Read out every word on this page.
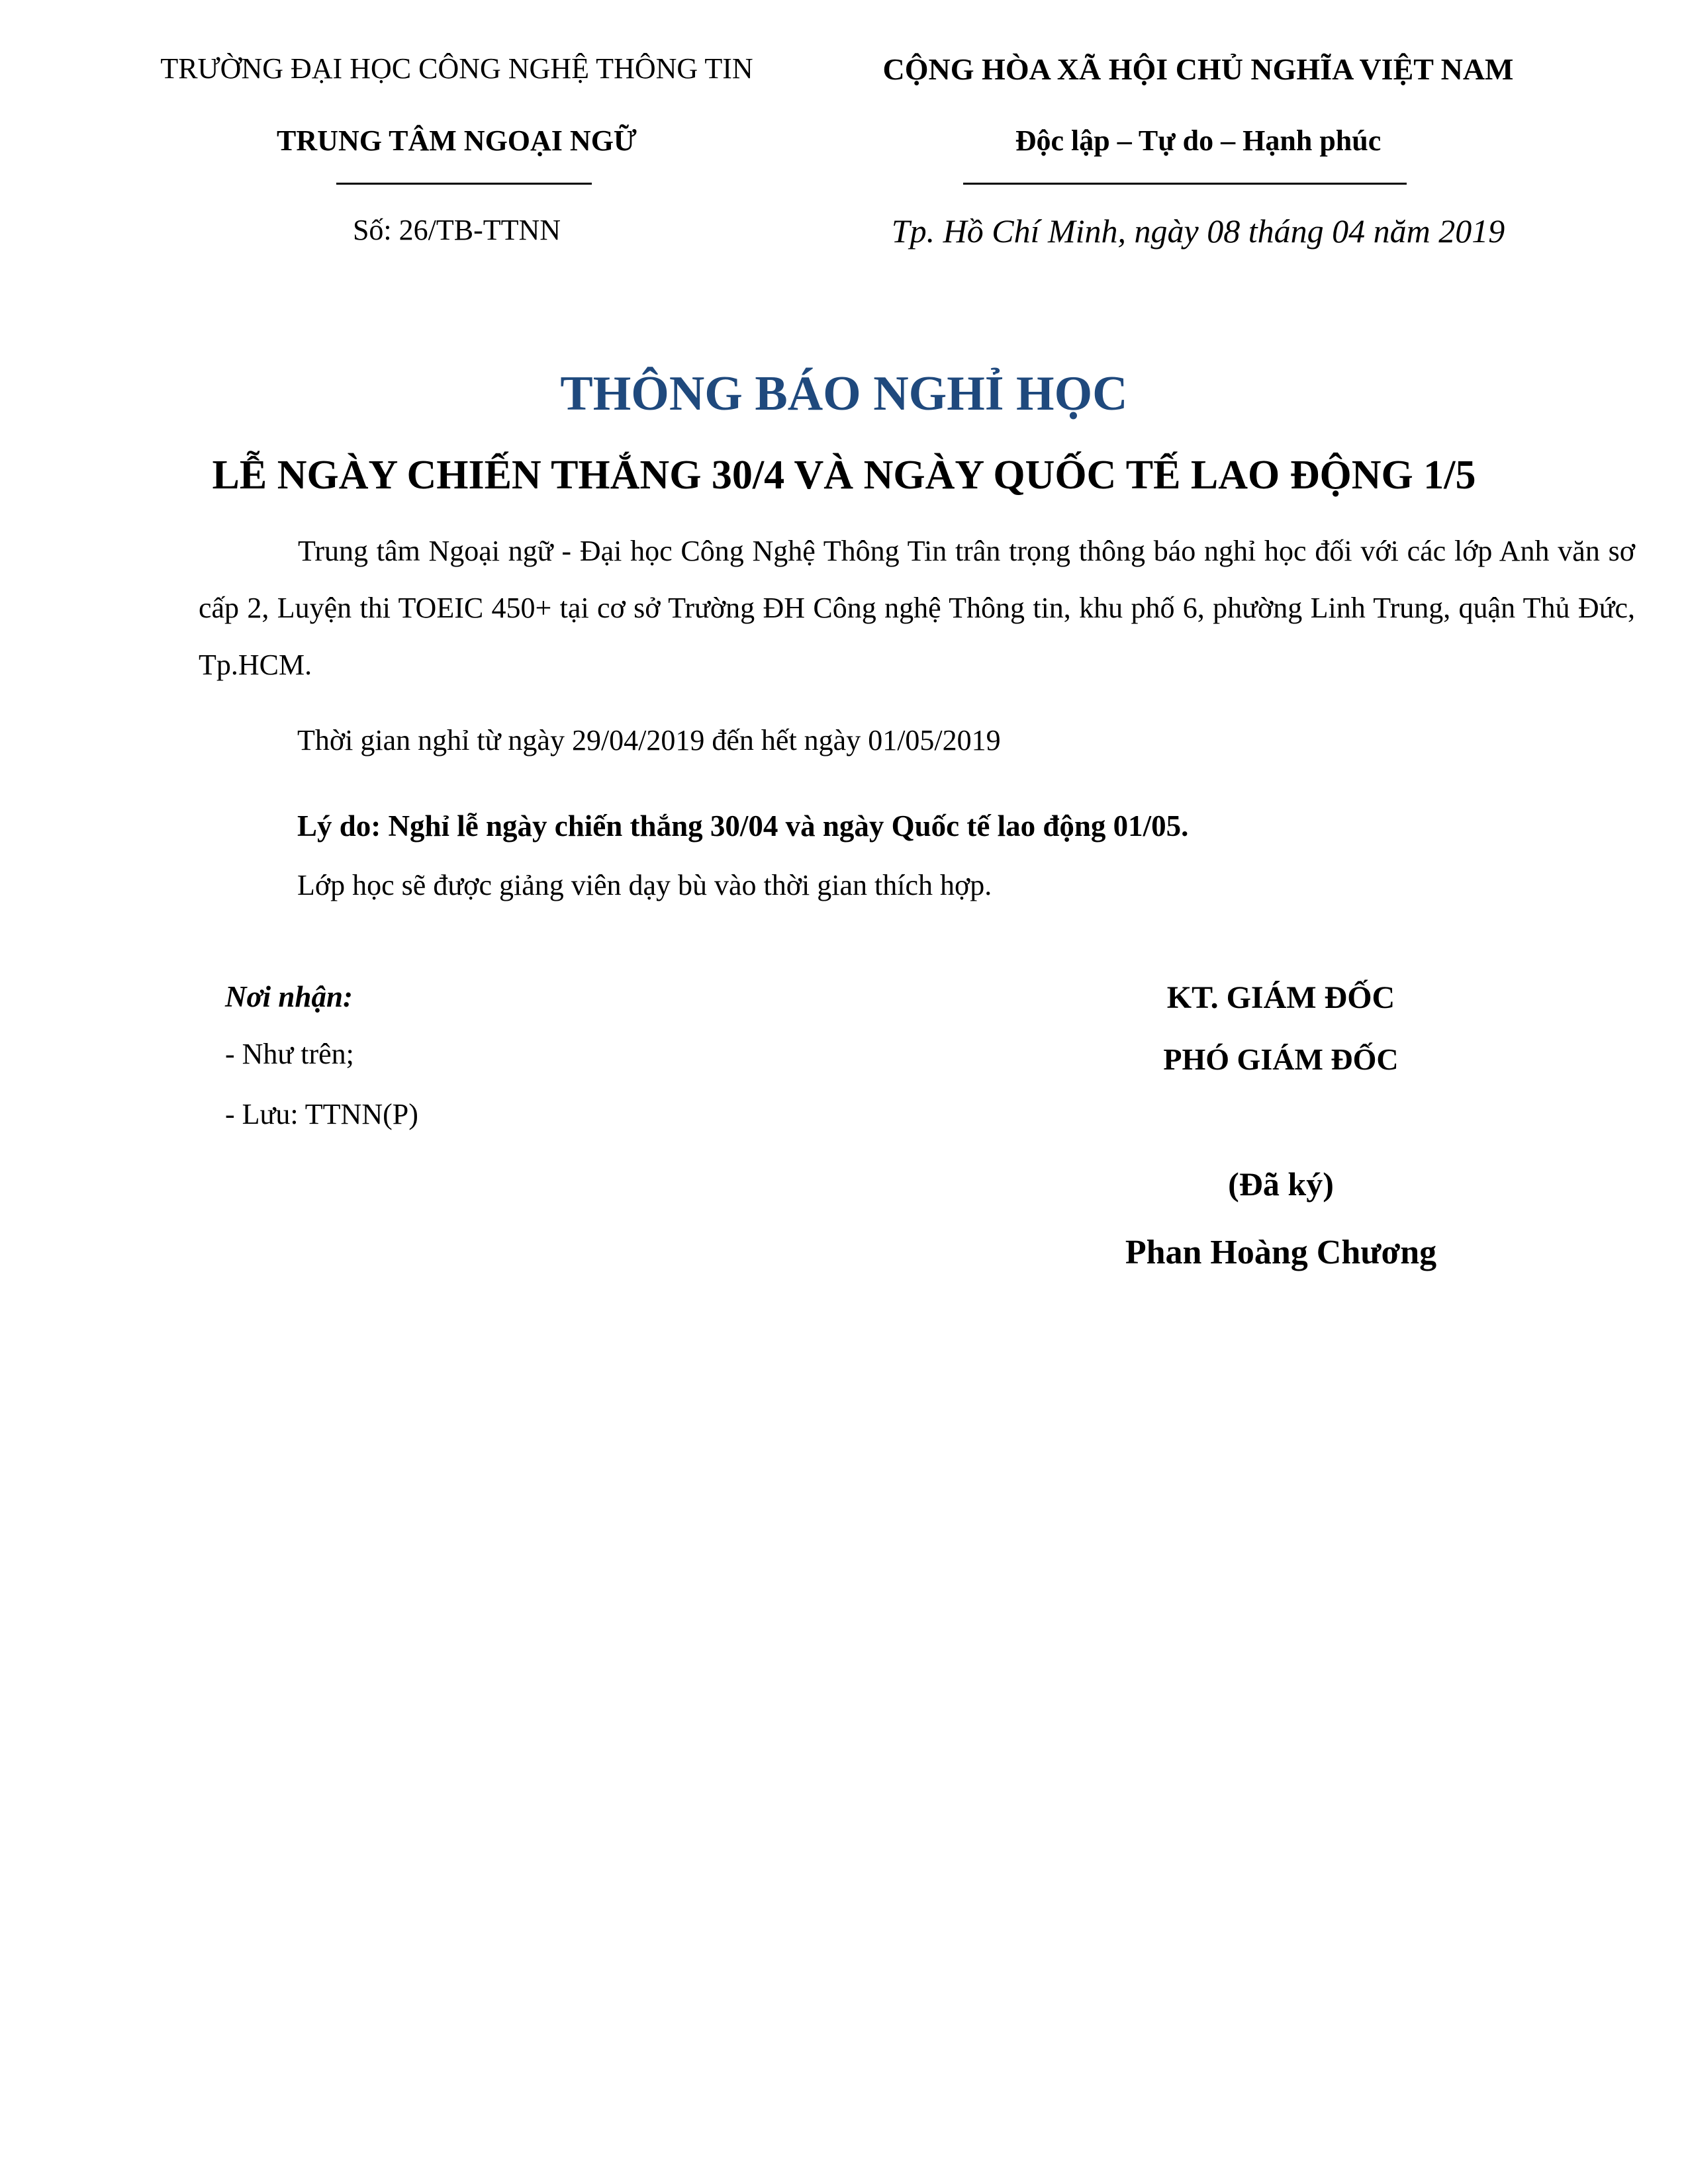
TRƯỜNG ĐẠI HỌC CÔNG NGHỆ THÔNG TIN
TRUNG TÂM NGOẠI NGỮ
Số: 26/TB-TTNN
CỘNG HÒA XÃ HỘI CHỦ NGHĨA VIỆT NAM
Độc lập – Tự do – Hạnh phúc
Tp. Hồ Chí Minh, ngày 08 tháng 04 năm 2019
THÔNG BÁO NGHỈ HỌC
LỄ NGÀY CHIẾN THẮNG 30/4 VÀ NGÀY QUỐC TẾ LAO ĐỘNG 1/5
Trung tâm Ngoại ngữ - Đại học Công Nghệ Thông Tin trân trọng thông báo nghỉ học đối với các lớp Anh văn sơ cấp 2, Luyện thi TOEIC 450+ tại cơ sở Trường ĐH Công nghệ Thông tin, khu phố 6, phường Linh Trung, quận Thủ Đức, Tp.HCM.
Thời gian nghỉ từ ngày 29/04/2019 đến hết ngày 01/05/2019
Lý do: Nghỉ lễ ngày chiến thắng 30/04 và ngày Quốc tế lao động 01/05.
Lớp học sẽ được giảng viên dạy bù vào thời gian thích hợp.
Nơi nhận:
- Như trên;
- Lưu: TTNN(P)
KT. GIÁM ĐỐC
PHÓ GIÁM ĐỐC
(Đã ký)
Phan Hoàng Chương
